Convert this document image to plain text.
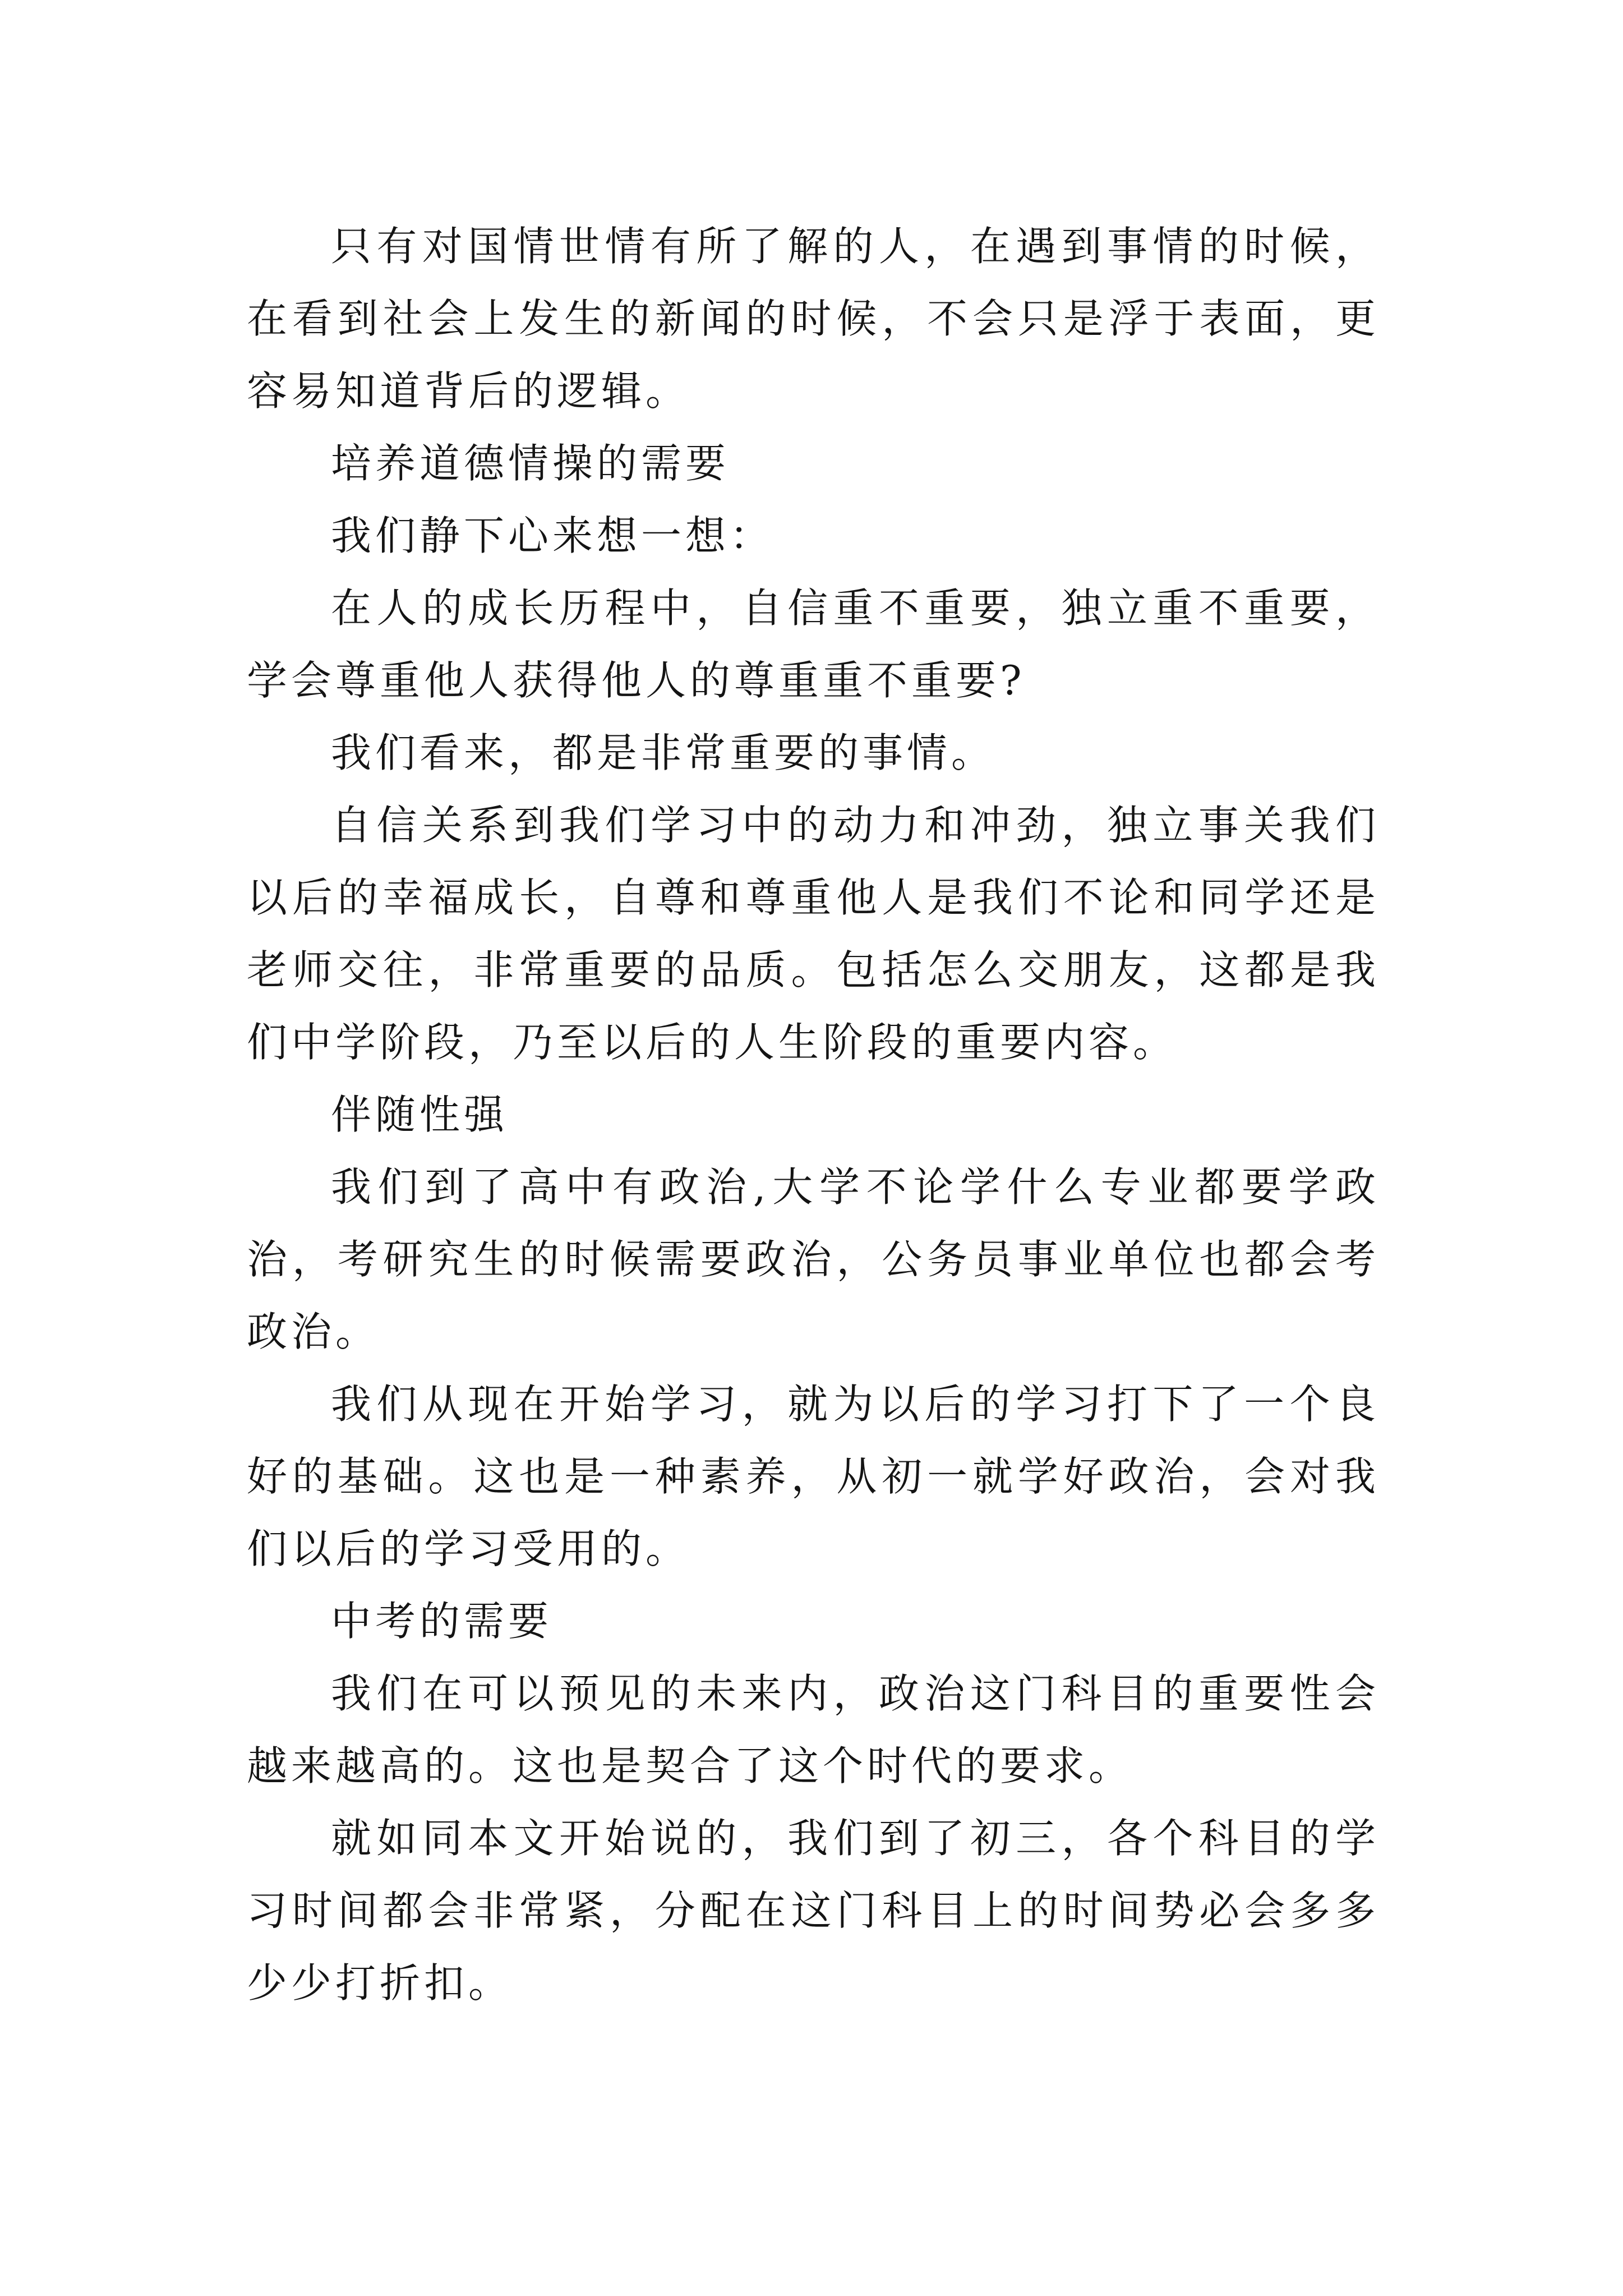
只有对国情世情有所了解的人，在遇到事情的时候，在看到社会上发生的新闻的时候，不会只是浮于表面，更容易知道背后的逻辑。

培养道德情操的需要

我们静下心来想一想：

在人的成长历程中，自信重不重要，独立重不重要，学会尊重他人获得他人的尊重重不重要?

我们看来，都是非常重要的事情。

自信关系到我们学习中的动力和冲劲，独立事关我们以后的幸福成长，自尊和尊重他人是我们不论和同学还是老师交往，非常重要的品质。包括怎么交朋友，这都是我们中学阶段，乃至以后的人生阶段的重要内容。

伴随性强

我们到了高中有政治,大学不论学什么专业都要学政治，考研究生的时候需要政治，公务员事业单位也都会考政治。

我们从现在开始学习，就为以后的学习打下了一个良好的基础。这也是一种素养，从初一就学好政治，会对我们以后的学习受用的。

中考的需要

我们在可以预见的未来内，政治这门科目的重要性会越来越高的。这也是契合了这个时代的要求。

就如同本文开始说的，我们到了初三，各个科目的学习时间都会非常紧，分配在这门科目上的时间势必会多多少少打折扣。
